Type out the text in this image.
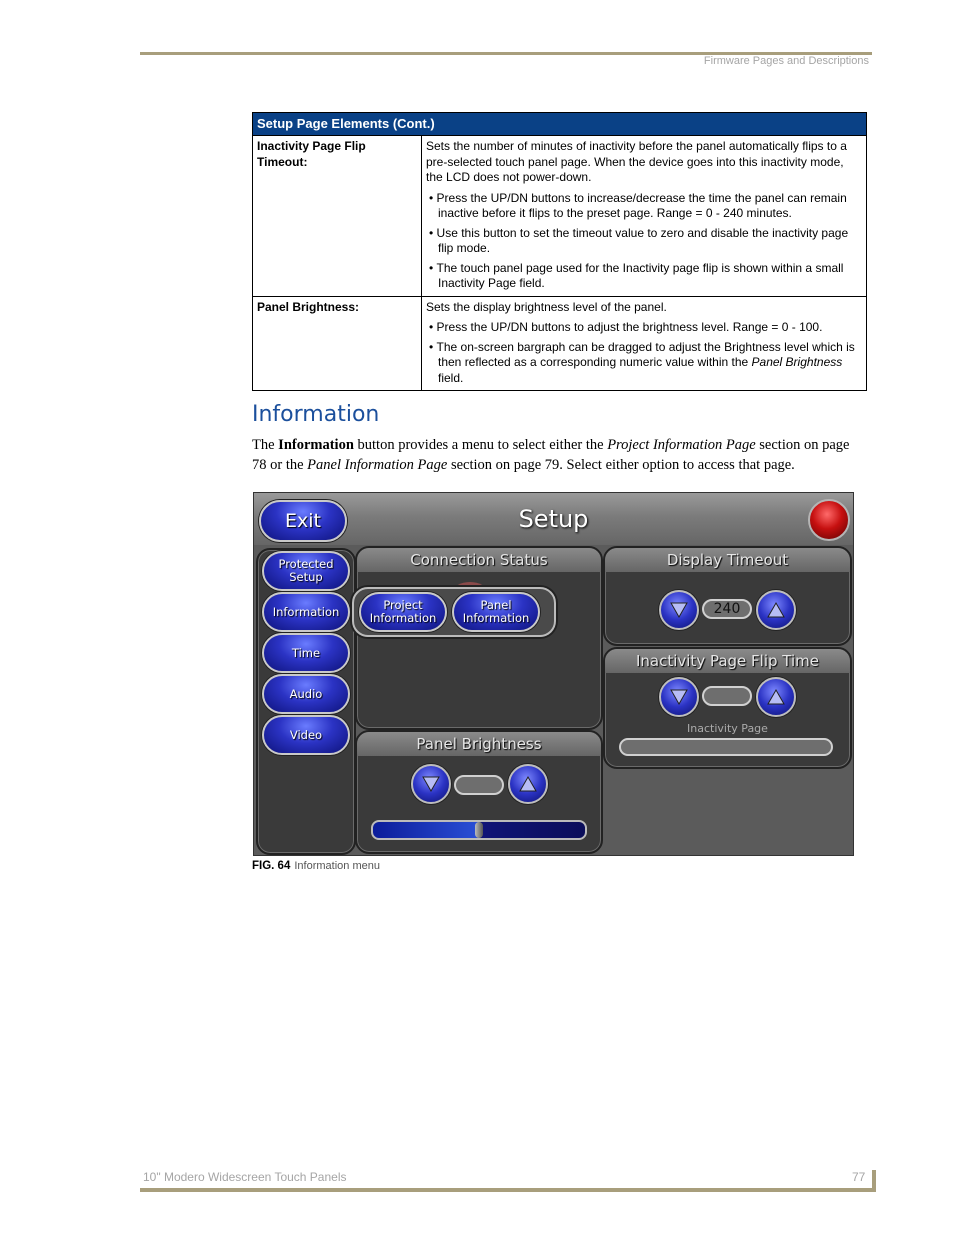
Firmware Pages and Descriptions
Setup Page Elements (Cont.)	
Inactivity Page Flip Timeout:	Sets the number of minutes of inactivity before the panel automatically flips to a pre-selected touch panel page. When the device goes into this inactivity mode, the LCD does not power-down.

• Press the UP/DN buttons to increase/decrease the time the panel can remain inactive before it flips to the preset page. Range = 0 - 240 minutes.
• Use this button to set the timeout value to zero and disable the inactivity page flip mode.
• The touch panel page used for the Inactivity page flip is shown within a small Inactivity Page field.

Panel Brightness:	Sets the display brightness level of the panel.

• Press the UP/DN buttons to adjust the brightness level. Range = 0 - 100.
• The on-screen bargraph can be dragged to adjust the Brightness level which is then reflected as a corresponding numeric value within the Panel Brightness field.
Information
The Information button provides a menu to select either the Project Information Page section on page 78 or the Panel Information Page section on page 79. Select either option to access that page.
Setup
Exit
Protected Setup
Information
Time
Audio
Video
Connection Status	Display Timeout
240
Inactivity Page Flip Time
Inactivity Page
Panel Brightness
Project Information
Panel Information
FIG. 64 Information menu
10" Modero Widescreen Touch Panels	77
